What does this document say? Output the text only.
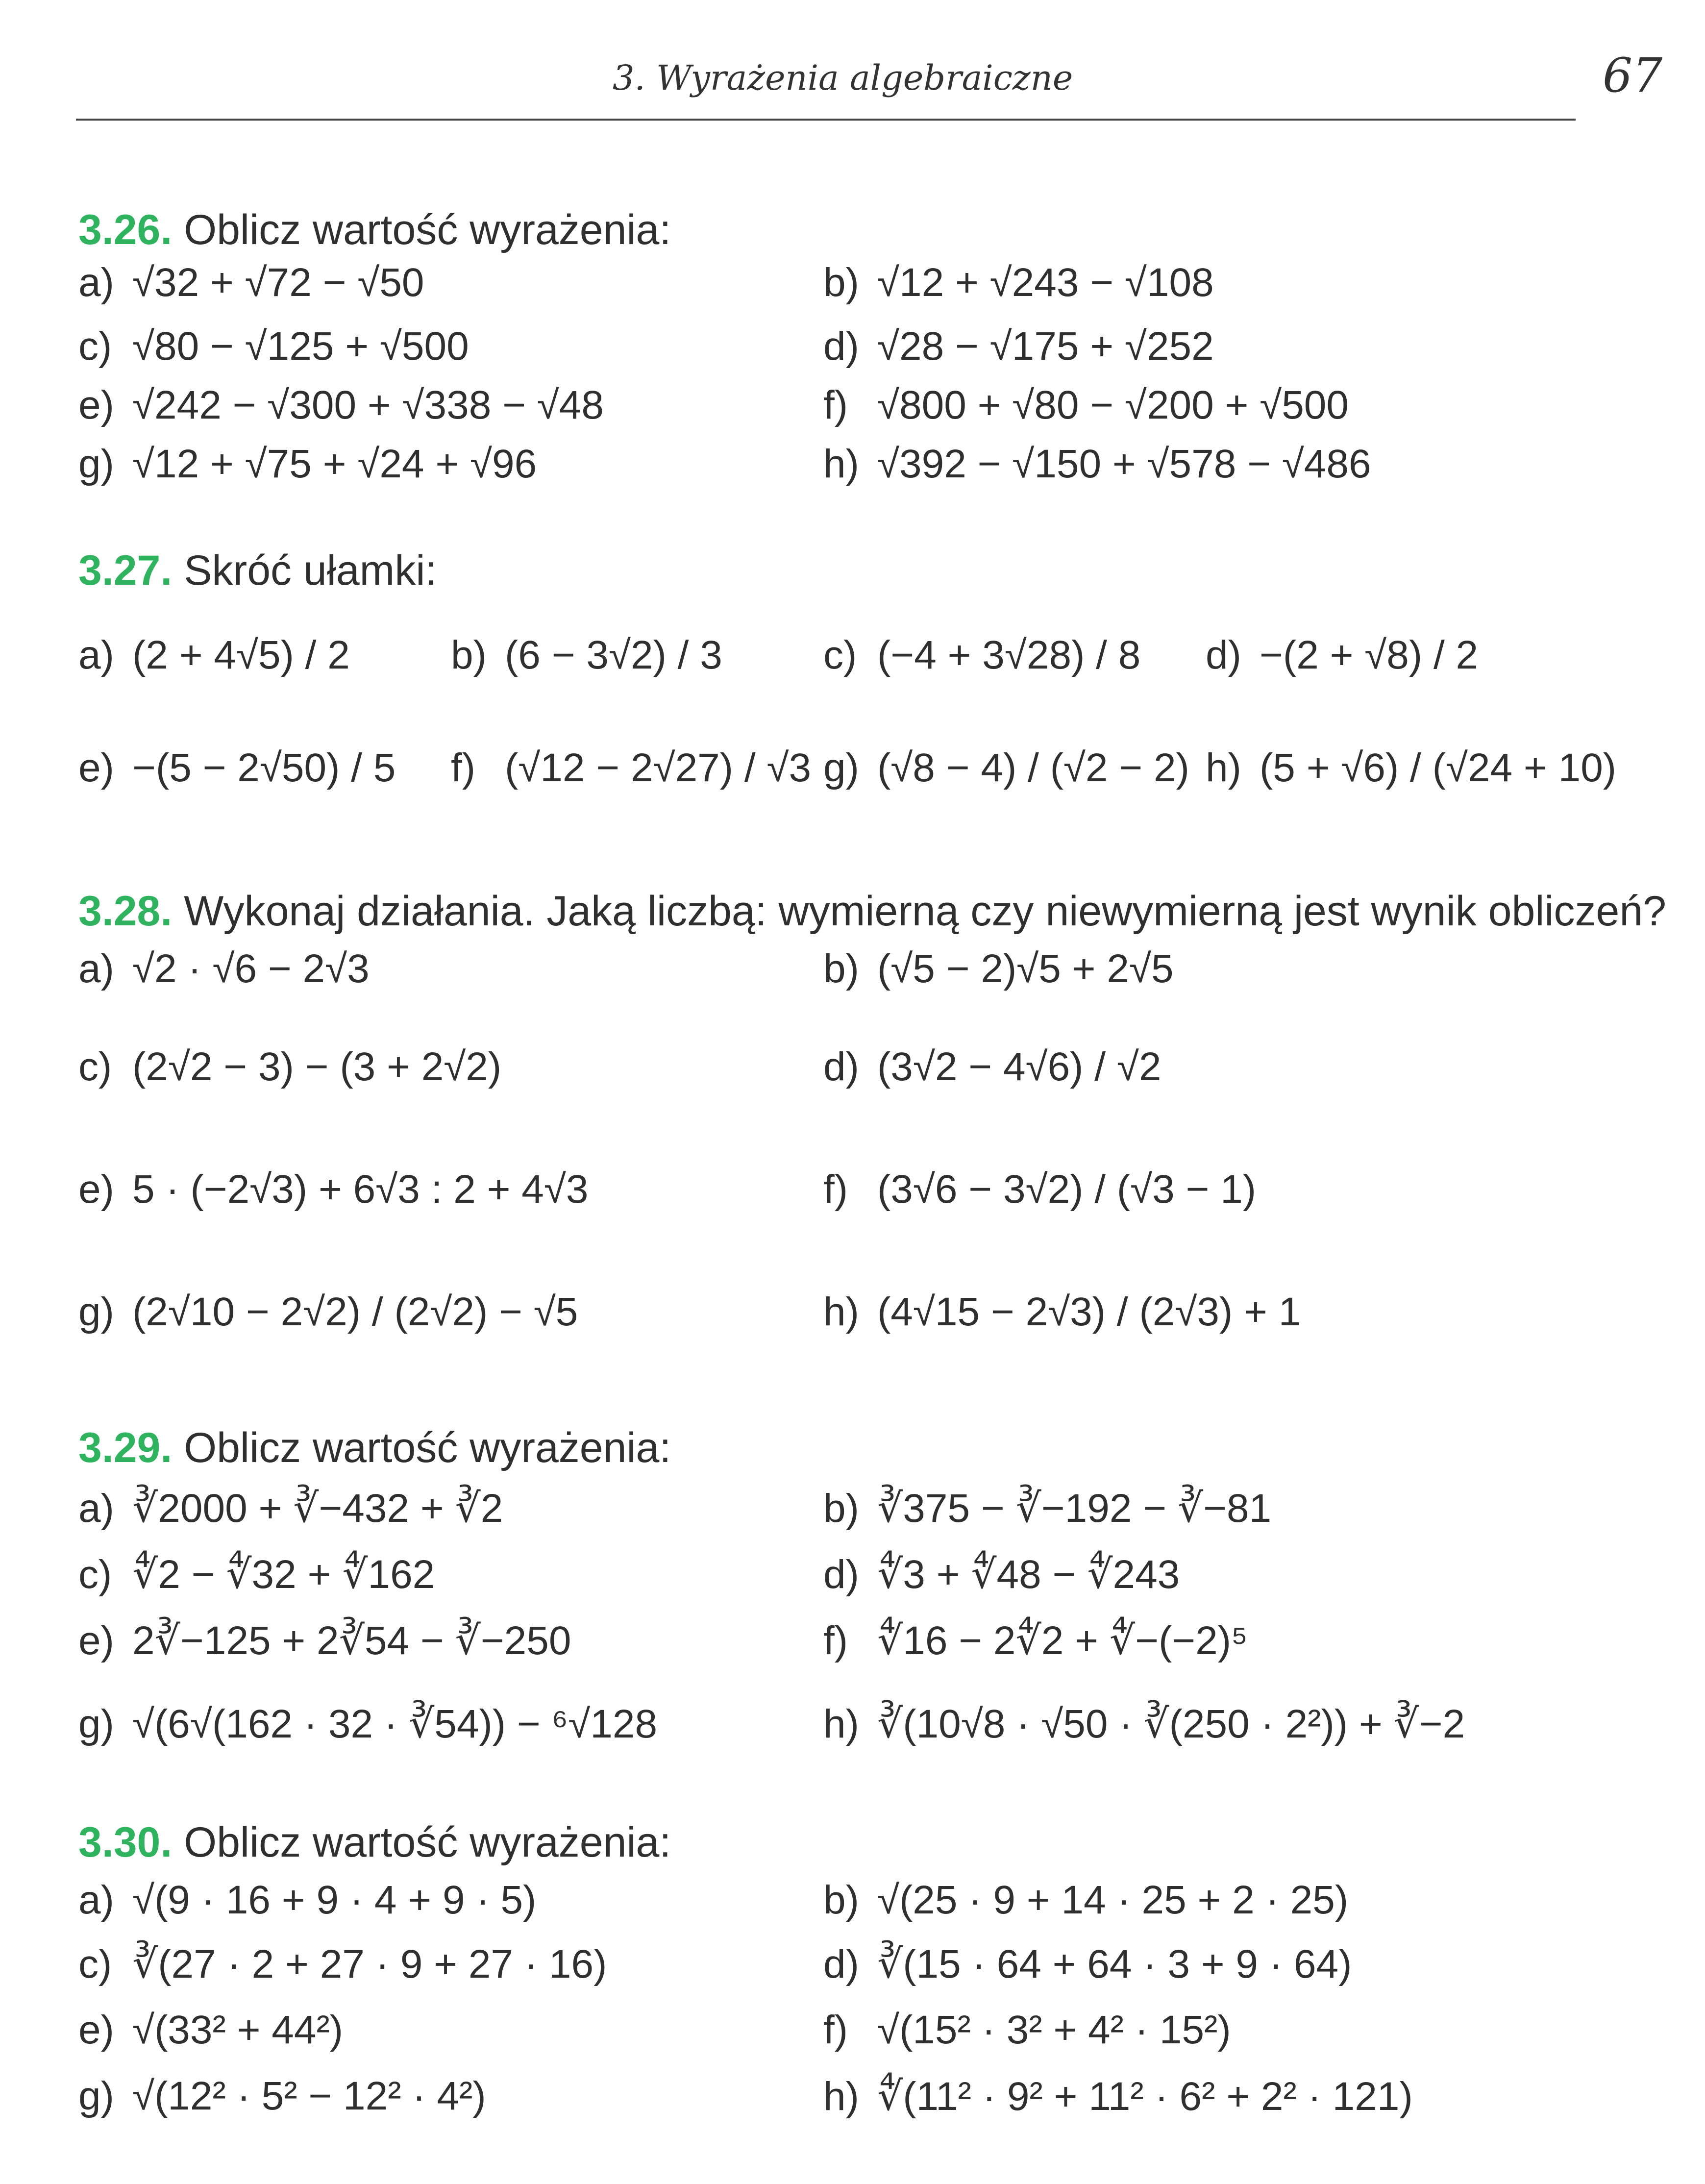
3. Wyrażenia algebraiczne	67
3.26. Oblicz wartość wyrażenia:
a) √32 + √72 − √50	b) √12 + √243 − √108
c) √80 − √125 + √500	d) √28 − √175 + √252
e) √242 − √300 + √338 − √48	f) √800 + √80 − √200 + √500
g) √12 + √75 + √24 + √96	h) √392 − √150 + √578 − √486
3.27. Skróć ułamki:
a) (2 + 4√5) / 2	b) (6 − 3√2) / 3	c) (−4 + 3√28) / 8 d) −(2 + √8) / 2
e) −(5 − 2√50) / 5 f) (√12 − 2√27) / √3 g) (√8 − 4) / (√2 − 2) h) (5 + √6) / (√24 + 10)
3.28. Wykonaj działania. Jaką liczbą: wymierną czy niewymierną jest wynik obliczeń?
a) √2 · √6 − 2√3	b) (√5 − 2)√5 + 2√5
c) (2√2 − 3) − (3 + 2√2)	d) (3√2 − 4√6) / √2
e) 5 · (−2√3) + 6√3 : 2 + 4√3	f) (3√6 − 3√2) / (√3 − 1)
g) (2√10 − 2√2) / (2√2) − √5	h) (4√15 − 2√3) / (2√3) + 1
3.29. Oblicz wartość wyrażenia:
a) ∛2000 + ∛−432 + ∛2	b) ∛375 − ∛−192 − ∛−81
c) ∜2 − ∜32 + ∜162	d) ∜3 + ∜48 − ∜243
e) 2∛−125 + 2∛54 − ∛−250	f) ∜16 − 2∜2 + ∜−(−2)⁵
g) √(6√(162 · 32 · ∛54)) − ⁶√128	h) ∛(10√8 · √50 · ∛(250 · 2²)) + ∛−2
3.30. Oblicz wartość wyrażenia:
a) √(9 · 16 + 9 · 4 + 9 · 5)	b) √(25 · 9 + 14 · 25 + 2 · 25)
c) ∛(27 · 2 + 27 · 9 + 27 · 16)	d) ∛(15 · 64 + 64 · 3 + 9 · 64)
e) √(33² + 44²)	f) √(15² · 3² + 4² · 15²)
g) √(12² · 5² − 12² · 4²)	h) ∜(11² · 9² + 11² · 6² + 2² · 121)
